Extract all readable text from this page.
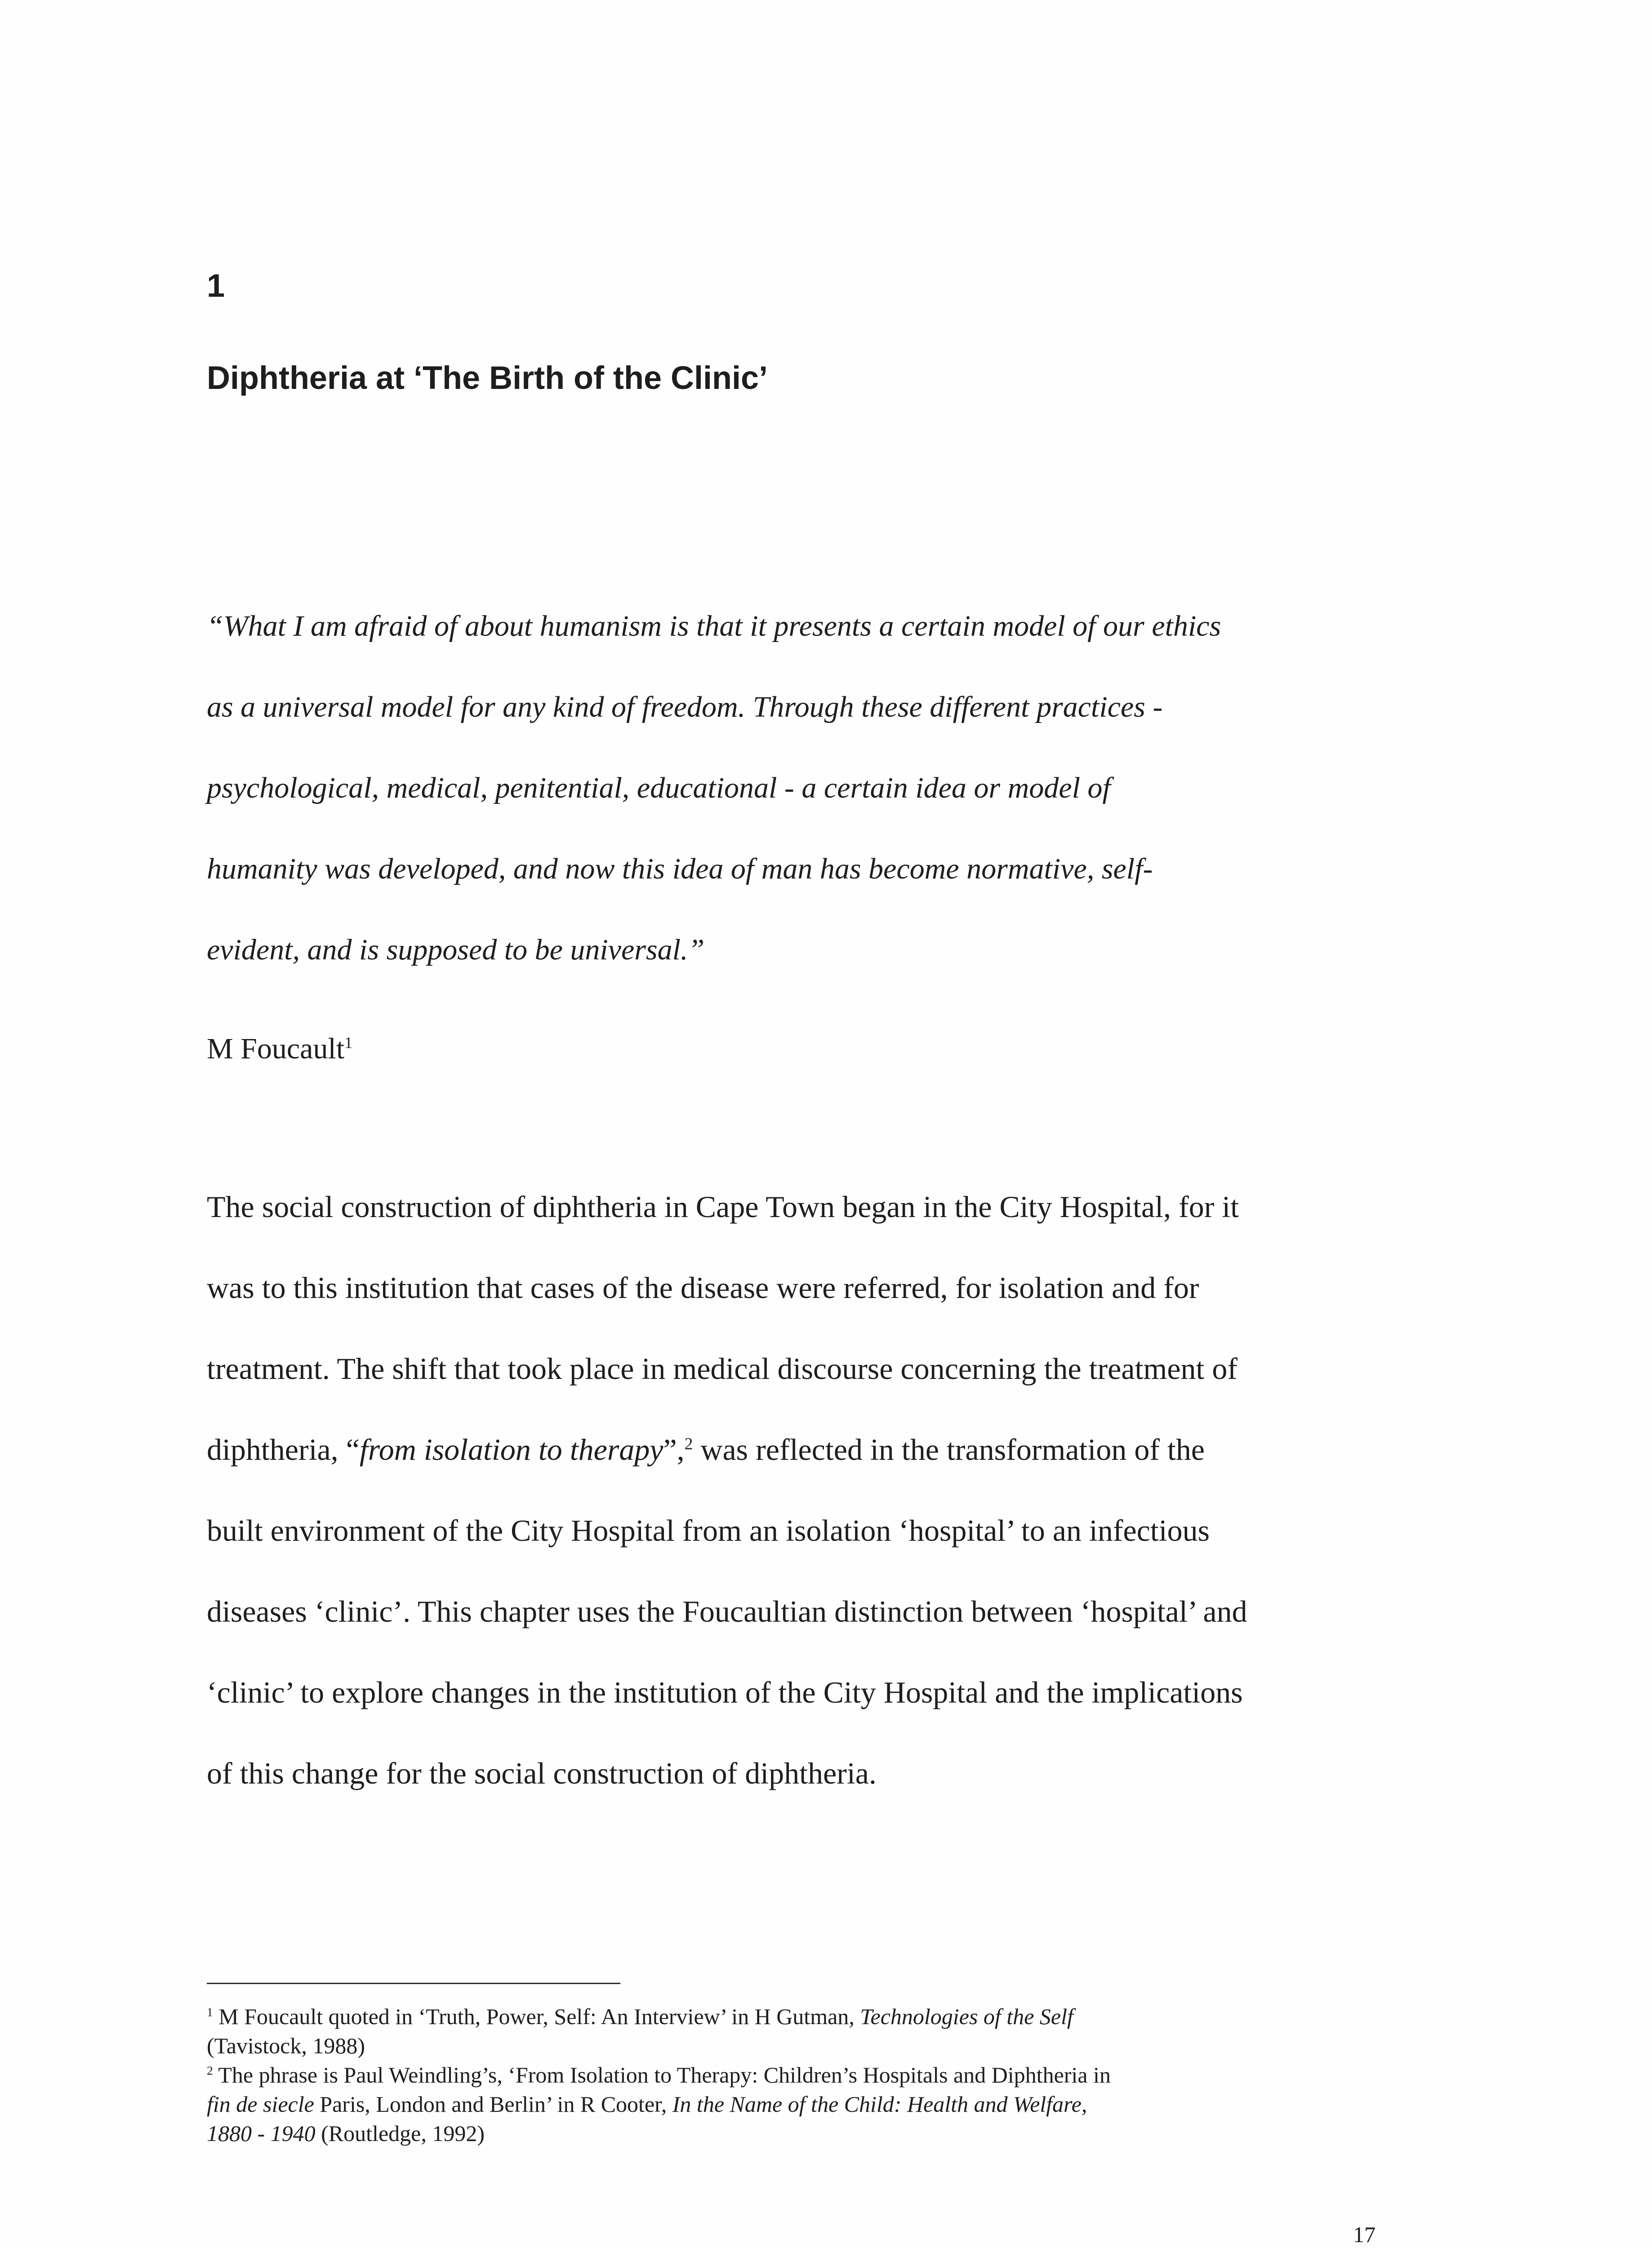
1
Diphtheria at ‘The Birth of the Clinic’
“What I am afraid of about humanism is that it presents a certain model of our ethics
as a universal model for any kind of freedom. Through these different practices -
psychological, medical, penitential, educational - a certain idea or model of
humanity was developed, and now this idea of man has become normative, self-
evident, and is supposed to be universal.”
M Foucault$^1$
The social construction of diphtheria in Cape Town began in the City Hospital, for it
was to this institution that cases of the disease were referred, for isolation and for
treatment. The shift that took place in medical discourse concerning the treatment of
diphtheria, “from isolation to therapy”,$^2$ was reflected in the transformation of the
built environment of the City Hospital from an isolation ‘hospital’ to an infectious
diseases ‘clinic’. This chapter uses the Foucaultian distinction between ‘hospital’ and
‘clinic’ to explore changes in the institution of the City Hospital and the implications
of this change for the social construction of diphtheria.
$^1$ M Foucault quoted in ‘Truth, Power, Self: An Interview’ in H Gutman, Technologies of the Self
(Tavistock, 1988)
$^2$ The phrase is Paul Weindling’s, ‘From Isolation to Therapy: Children’s Hospitals and Diphtheria in
fin de siecle Paris, London and Berlin’ in R Cooter, In the Name of the Child: Health and Welfare,
1880 - 1940 (Routledge, 1992)
17
